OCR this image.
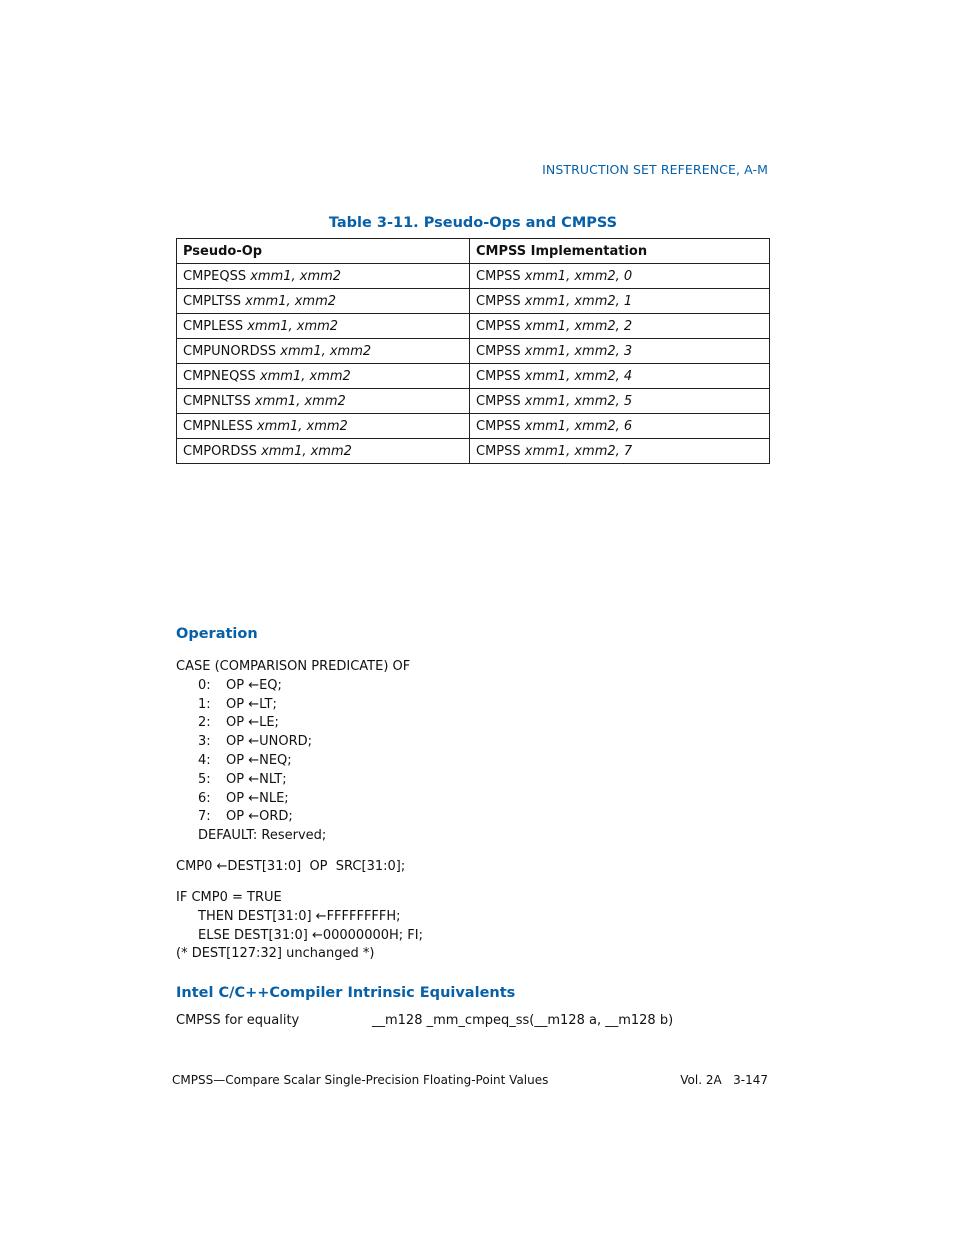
INSTRUCTION SET REFERENCE, A-M
Table 3-11. Pseudo-Ops and CMPSS
Pseudo-Op	CMPSS Implementation
CMPEQSS xmm1, xmm2	CMPSS xmm1, xmm2, 0
CMPLTSS xmm1, xmm2	CMPSS xmm1, xmm2, 1
CMPLESS xmm1, xmm2	CMPSS xmm1, xmm2, 2
CMPUNORDSS xmm1, xmm2	CMPSS xmm1, xmm2, 3
CMPNEQSS xmm1, xmm2	CMPSS xmm1, xmm2, 4
CMPNLTSS xmm1, xmm2	CMPSS xmm1, xmm2, 5
CMPNLESS xmm1, xmm2	CMPSS xmm1, xmm2, 6
CMPORDSS xmm1, xmm2	CMPSS xmm1, xmm2, 7
Operation
CASE (COMPARISON PREDICATE) OF
0: OP ←EQ;
1: OP ←LT;
2: OP ←LE;
3: OP ←UNORD;
4: OP ←NEQ;
5: OP ←NLT;
6: OP ←NLE;
7: OP ←ORD;
DEFAULT: Reserved;
CMP0 ←DEST[31:0]  OP  SRC[31:0];
IF CMP0 = TRUE
THEN DEST[31:0] ←FFFFFFFFH;
ELSE DEST[31:0] ←00000000H; FI;
(* DEST[127:32] unchanged *)
Intel C/C++Compiler Intrinsic Equivalents
CMPSS for equality	__m128 _mm_cmpeq_ss(__m128 a, __m128 b)
CMPSS—Compare Scalar Single-Precision Floating-Point Values	Vol. 2A   3-147
